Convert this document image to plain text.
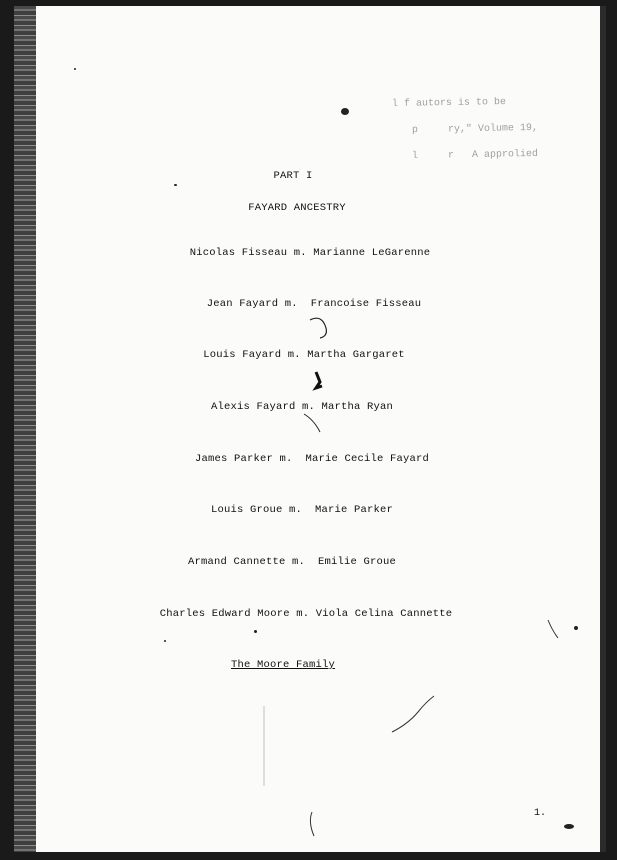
l f autors is to be
p     ry," Volume 19,
l     r   A approlied
PART I
FAYARD ANCESTRY
Nicolas Fisseau m. Marianne LeGarenne
Jean Fayard m.  Francoise Fisseau
Louis Fayard m. Martha Gargaret
Alexis Fayard m. Martha Ryan
James Parker m.  Marie Cecile Fayard
Louis Groue m.  Marie Parker
Armand Cannette m.  Emilie Groue
Charles Edward Moore m. Viola Celina Cannette
The Moore Family
1.
